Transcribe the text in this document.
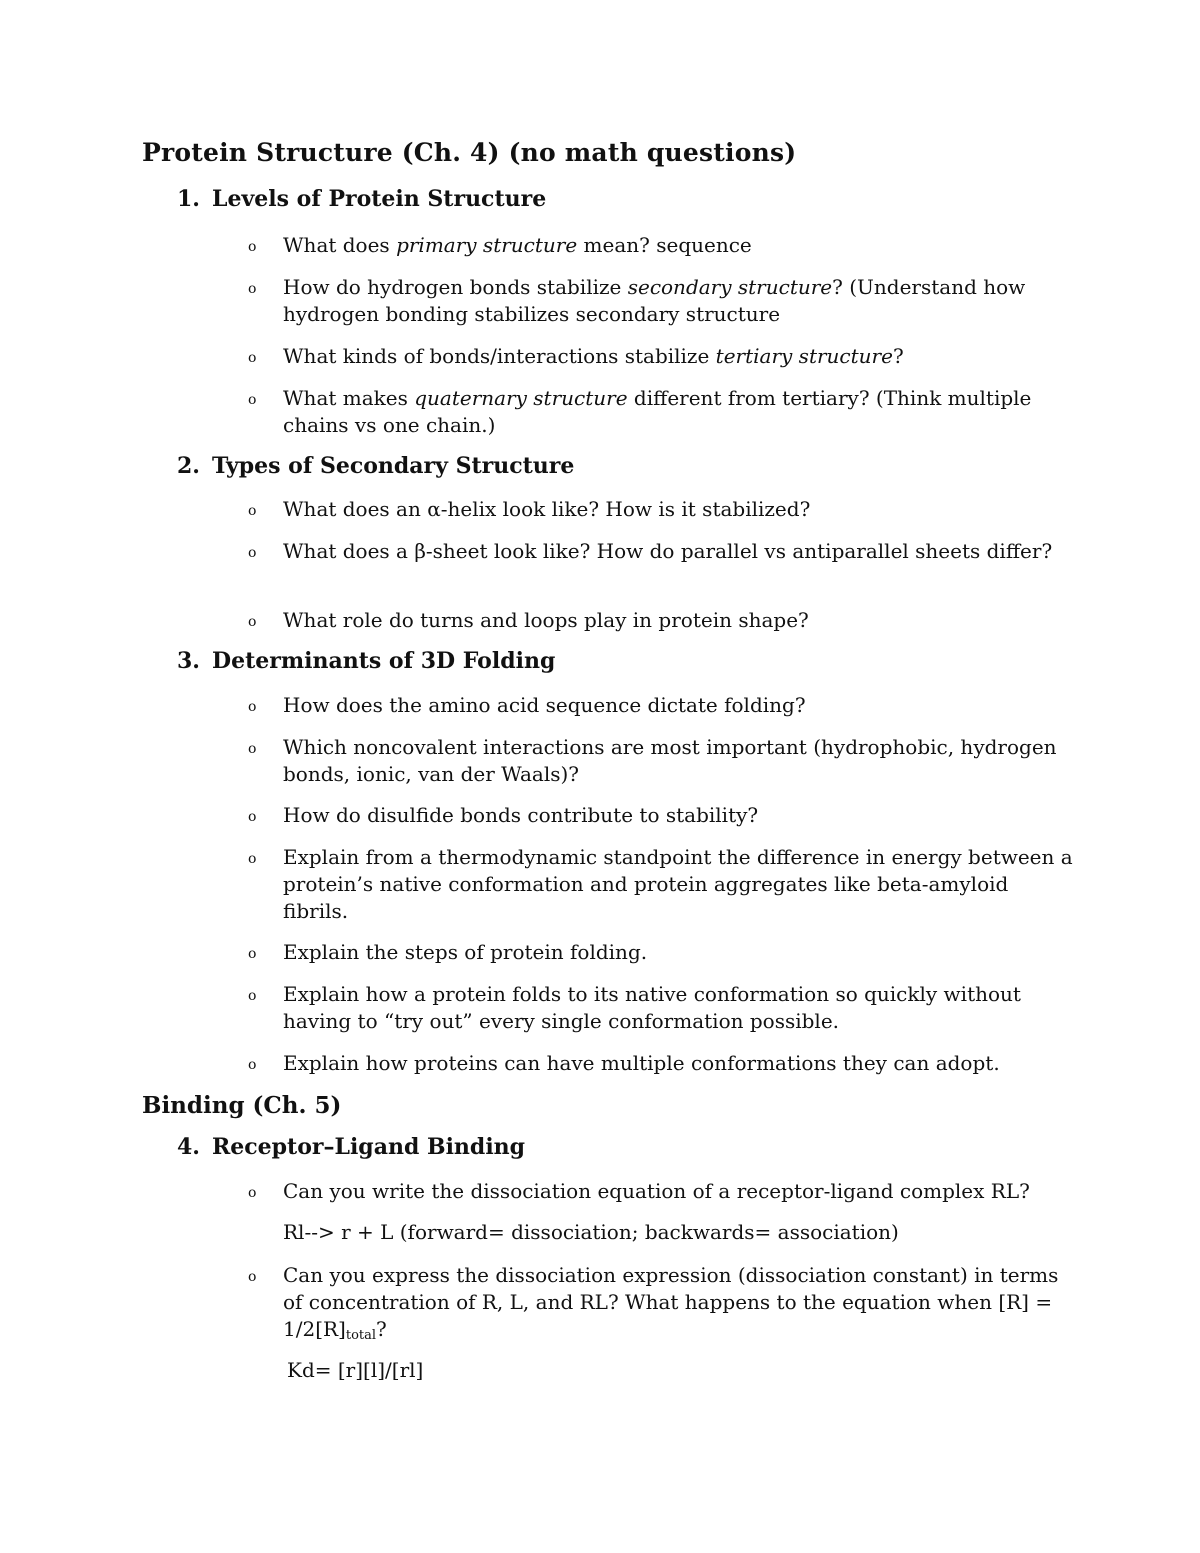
Protein Structure (Ch. 4) (no math questions)
1. Levels of Protein Structure
o What does primary structure mean? sequence
o How do hydrogen bonds stabilize secondary structure? (Understand how hydrogen bonding stabilizes secondary structure
o What kinds of bonds/interactions stabilize tertiary structure?
o What makes quaternary structure different from tertiary? (Think multiple chains vs one chain.)
2. Types of Secondary Structure
o What does an α-helix look like? How is it stabilized?
o What does a β-sheet look like? How do parallel vs antiparallel sheets differ?
o What role do turns and loops play in protein shape?
3. Determinants of 3D Folding
o How does the amino acid sequence dictate folding?
o Which noncovalent interactions are most important (hydrophobic, hydrogen bonds, ionic, van der Waals)?
o How do disulfide bonds contribute to stability?
o Explain from a thermodynamic standpoint the difference in energy between a protein’s native conformation and protein aggregates like beta-amyloid fibrils.
o Explain the steps of protein folding.
o Explain how a protein folds to its native conformation so quickly without having to “try out” every single conformation possible.
o Explain how proteins can have multiple conformations they can adopt.
Binding (Ch. 5)
4. Receptor–Ligand Binding
o Can you write the dissociation equation of a receptor-ligand complex RL?
Rl--> r + L (forward= dissociation; backwards= association)
o Can you express the dissociation expression (dissociation constant) in terms of concentration of R, L, and RL? What happens to the equation when $[R] = 1/2[R]_{total}$?
Kd= [r][l]/[rl]
